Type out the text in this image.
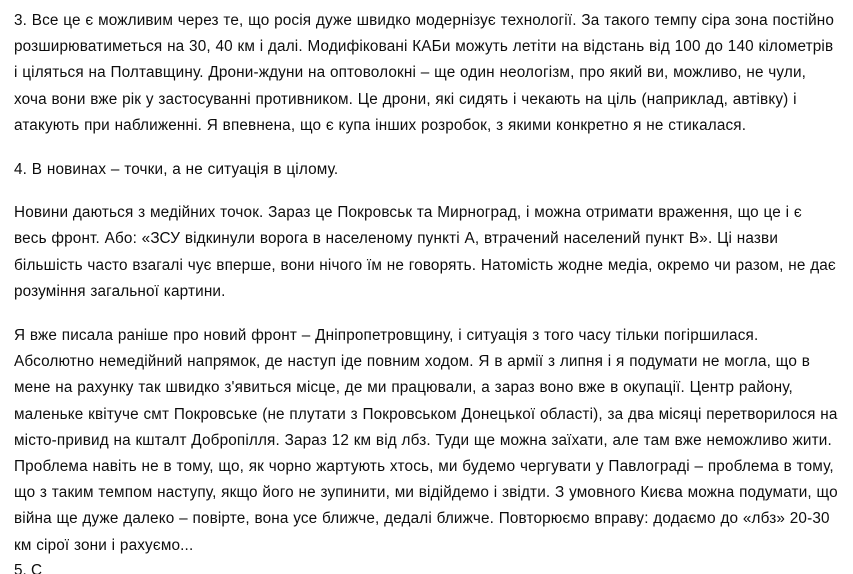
3. Все це є можливим через те, що росія дуже швидко модернізує технології. За такого темпу сіра зона постійно розширюватиметься на 30, 40 км і далі. Модифіковані КАБи можуть летіти на відстань від 100 до 140 кілометрів і ціляться на Полтавщину. Дрони-ждуни на оптоволокні – ще один неологізм, про який ви, можливо, не чули, хоча вони вже рік у застосуванні противником. Це дрони, які сидять і чекають на ціль (наприклад, автівку) і атакують при наближенні. Я впевнена, що є купа інших розробок, з якими конкретно я не стикалася.

4. В новинах – точки, а не ситуація в цілому.

Новини даються з медійних точок. Зараз це Покровськ та Мирноград, і можна отримати враження, що це і є весь фронт. Або: «ЗСУ відкинули ворога в населеному пункті А, втрачений населений пункт В». Ці назви більшість часто взагалі чує вперше, вони нічого їм не говорять. Натомість жодне медіа, окремо чи разом, не дає розуміння загальної картини.

Я вже писала раніше про новий фронт – Дніпропетровщину, і ситуація з того часу тільки погіршилася. Абсолютно немедійний напрямок, де наступ іде повним ходом. Я в армії з липня і я подумати не могла, що в мене на рахунку так швидко з'явиться місце, де ми працювали, а зараз воно вже в окупації. Центр району, маленьке квітуче смт Покровське (не плутати з Покровськом Донецької області), за два місяці перетворилося на місто-привид на кшталт Добропілля. Зараз 12 км від лбз. Туди ще можна заїхати, але там вже неможливо жити. Проблема навіть не в тому, що, як чорно жартують хтось, ми будемо чергувати у Павлограді – проблема в тому, що з таким темпом наступу, якщо його не зупинити, ми відійдемо і звідти. З умовного Києва можна подумати, що війна ще дуже далеко – повірте, вона усе ближче, дедалі ближче. Повторюємо вправу: додаємо до «лбз» 20-30 км сірої зони і рахуємо...

5. С
